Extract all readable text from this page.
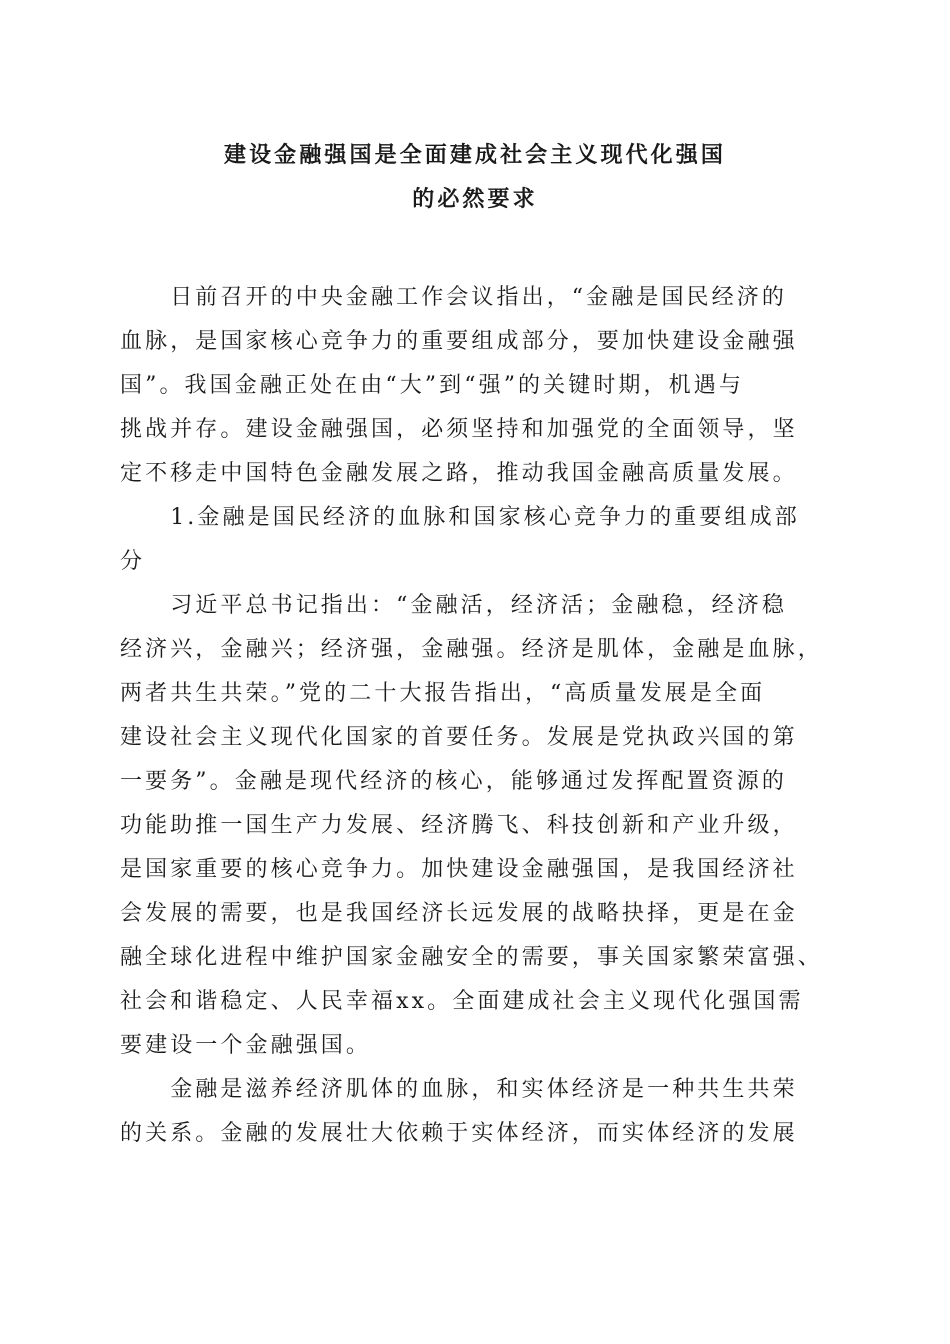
建设金融强国是全面建成社会主义现代化强国
的必然要求
　　日前召开的中央金融工作会议指出，“金融是国民经济的
血脉，是国家核心竞争力的重要组成部分，要加快建设金融强
国”。我国金融正处在由“大”到“强”的关键时期，机遇与
挑战并存。建设金融强国，必须坚持和加强党的全面领导，坚
定不移走中国特色金融发展之路，推动我国金融高质量发展。
　　1.金融是国民经济的血脉和国家核心竞争力的重要组成部
分
　　习近平总书记指出：“金融活，经济活；金融稳，经济稳
经济兴，金融兴；经济强，金融强。经济是肌体，金融是血脉，
两者共生共荣。”党的二十大报告指出，“高质量发展是全面
建设社会主义现代化国家的首要任务。发展是党执政兴国的第
一要务”。金融是现代经济的核心，能够通过发挥配置资源的
功能助推一国生产力发展、经济腾飞、科技创新和产业升级，
是国家重要的核心竞争力。加快建设金融强国，是我国经济社
会发展的需要，也是我国经济长远发展的战略抉择，更是在金
融全球化进程中维护国家金融安全的需要，事关国家繁荣富强、
社会和谐稳定、人民幸福xx。全面建成社会主义现代化强国需
要建设一个金融强国。
　　金融是滋养经济肌体的血脉，和实体经济是一种共生共荣
的关系。金融的发展壮大依赖于实体经济，而实体经济的发展
